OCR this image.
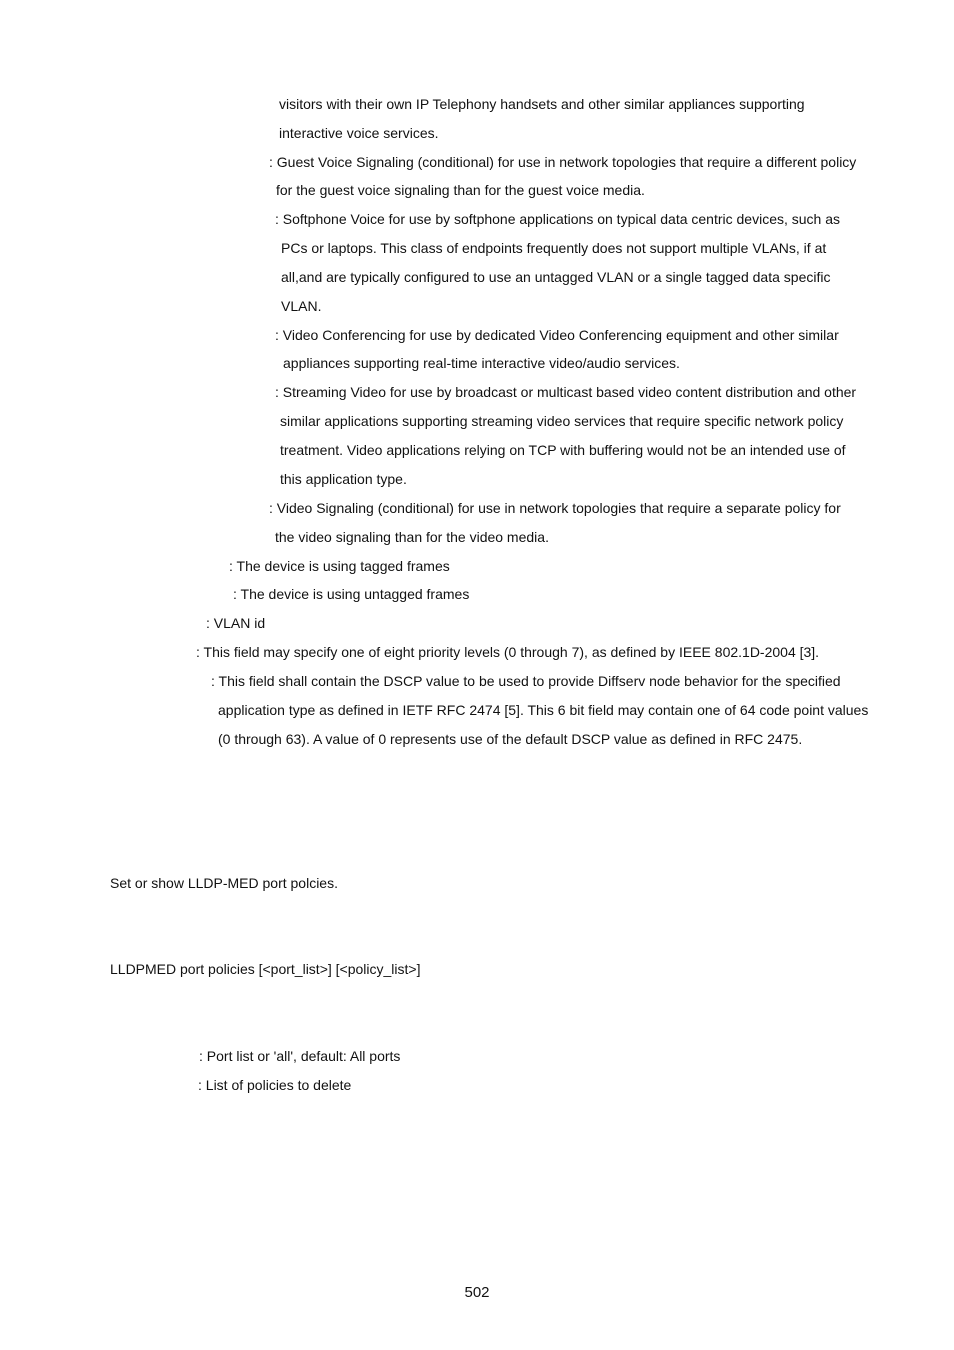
visitors with their own IP Telephony handsets and other similar appliances supporting
interactive voice services.
: Guest Voice Signaling (conditional) for use in network topologies that require a different policy
for the guest voice signaling than for the guest voice media.
: Softphone Voice for use by softphone applications on typical data centric devices, such as
PCs or laptops. This class of endpoints frequently does not support multiple VLANs, if at
all,and are typically configured to use an untagged VLAN or a single tagged data specific
VLAN.
: Video Conferencing for use by dedicated Video Conferencing equipment and other similar
appliances supporting real-time interactive video/audio services.
: Streaming Video for use by broadcast or multicast based video content distribution and other
similar applications supporting streaming video services that require specific network policy
treatment. Video applications relying on TCP with buffering would not be an intended use of
this application type.
: Video Signaling (conditional) for use in network topologies that require a separate policy for
the video signaling than for the video media.
: The device is using tagged frames
: The device is using untagged frames
: VLAN id
: This field may specify one of eight priority levels (0 through 7), as defined by IEEE 802.1D-2004 [3].
: This field shall contain the DSCP value to be used to provide Diffserv node behavior for the specified
application type as defined in IETF RFC 2474 [5]. This 6 bit field may contain one of 64 code point values
(0 through 63). A value of 0 represents use of the default DSCP value as defined in RFC 2475.
Set or show LLDP-MED port polcies.
LLDPMED port policies [<port_list>] [<policy_list>]
: Port list or 'all', default: All ports
: List of policies to delete
502
